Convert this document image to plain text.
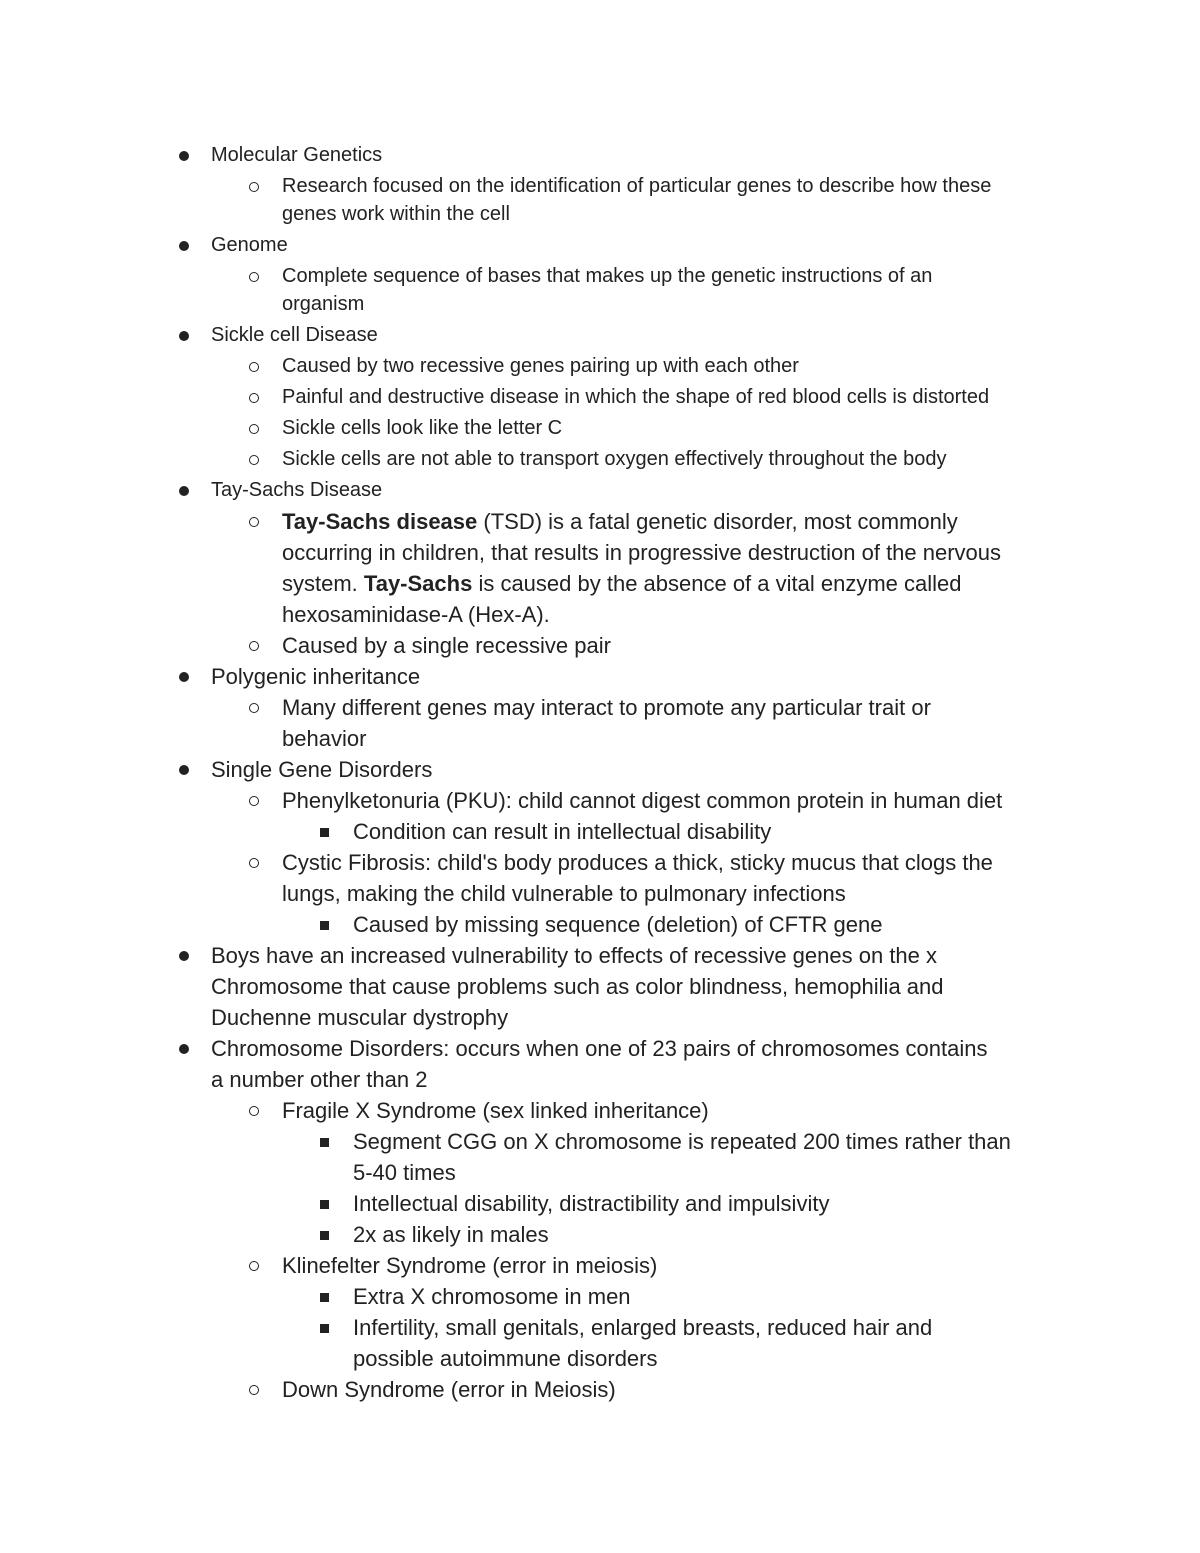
Molecular Genetics
Research focused on the identification of particular genes to describe how these
genes work within the cell
Genome
Complete sequence of bases that makes up the genetic instructions of an
organism
Sickle cell Disease
Caused by two recessive genes pairing up with each other
Painful and destructive disease in which the shape of red blood cells is distorted
Sickle cells look like the letter C
Sickle cells are not able to transport oxygen effectively throughout the body
Tay-Sachs Disease
Tay-Sachs disease (TSD) is a fatal genetic disorder, most commonly
occurring in children, that results in progressive destruction of the nervous
system. Tay-Sachs is caused by the absence of a vital enzyme called
hexosaminidase-A (Hex-A).
Caused by a single recessive pair
Polygenic inheritance
Many different genes may interact to promote any particular trait or
behavior
Single Gene Disorders
Phenylketonuria (PKU): child cannot digest common protein in human diet
Condition can result in intellectual disability
Cystic Fibrosis: child's body produces a thick, sticky mucus that clogs the
lungs, making the child vulnerable to pulmonary infections
Caused by missing sequence (deletion) of CFTR gene
Boys have an increased vulnerability to effects of recessive genes on the x
Chromosome that cause problems such as color blindness, hemophilia and
Duchenne muscular dystrophy
Chromosome Disorders: occurs when one of 23 pairs of chromosomes contains
a number other than 2
Fragile X Syndrome (sex linked inheritance)
Segment CGG on X chromosome is repeated 200 times rather than
5-40 times
Intellectual disability, distractibility and impulsivity
2x as likely in males
Klinefelter Syndrome (error in meiosis)
Extra X chromosome in men
Infertility, small genitals, enlarged breasts, reduced hair and
possible autoimmune disorders
Down Syndrome (error in Meiosis)
